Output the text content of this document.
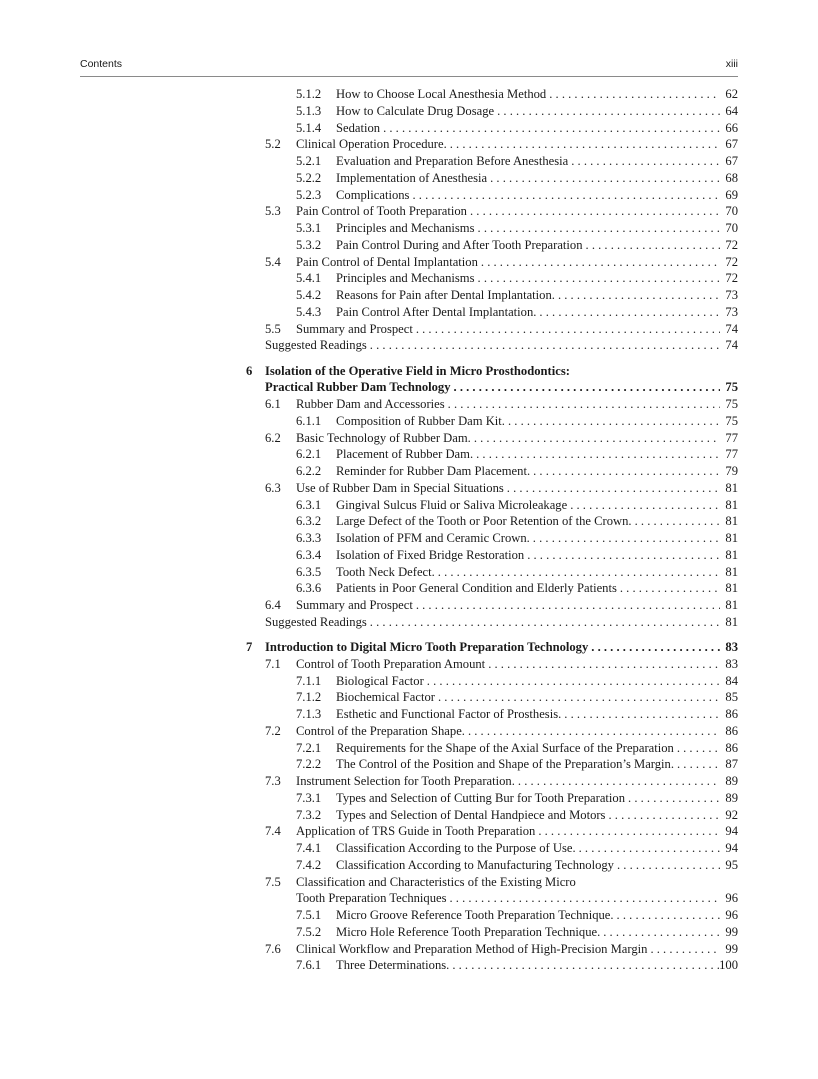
Contents	xiii
5.1.2 How to Choose Local Anesthesia Method . . .	62
5.1.3 How to Calculate Drug Dosage . . .	64
5.1.4 Sedation . . .	66
5.2 Clinical Operation Procedure. . . .	67
5.2.1 Evaluation and Preparation Before Anesthesia . . .	67
5.2.2 Implementation of Anesthesia . . .	68
5.2.3 Complications . . .	69
5.3 Pain Control of Tooth Preparation . . .	70
5.3.1 Principles and Mechanisms . . .	70
5.3.2 Pain Control During and After Tooth Preparation . . .	72
5.4 Pain Control of Dental Implantation . . .	72
5.4.1 Principles and Mechanisms . . .	72
5.4.2 Reasons for Pain after Dental Implantation. . . .	73
5.4.3 Pain Control After Dental Implantation. . . .	73
5.5 Summary and Prospect . . .	74
Suggested Readings . . .	74
6 Isolation of the Operative Field in Micro Prosthodontics:
Practical Rubber Dam Technology . . .	75
6.1 Rubber Dam and Accessories . . .	75
6.1.1 Composition of Rubber Dam Kit. . . .	75
6.2 Basic Technology of Rubber Dam. . . .	77
6.2.1 Placement of Rubber Dam. . . .	77
6.2.2 Reminder for Rubber Dam Placement. . . .	79
6.3 Use of Rubber Dam in Special Situations . . .	81
6.3.1 Gingival Sulcus Fluid or Saliva Microleakage . . .	81
6.3.2 Large Defect of the Tooth or Poor Retention of the Crown. . . .	81
6.3.3 Isolation of PFM and Ceramic Crown. . . .	81
6.3.4 Isolation of Fixed Bridge Restoration . . .	81
6.3.5 Tooth Neck Defect. . . .	81
6.3.6 Patients in Poor General Condition and Elderly Patients . . .	81
6.4 Summary and Prospect . . .	81
Suggested Readings . . .	81
7 Introduction to Digital Micro Tooth Preparation Technology . . .	83
7.1 Control of Tooth Preparation Amount . . .	83
7.1.1 Biological Factor . . .	84
7.1.2 Biochemical Factor . . .	85
7.1.3 Esthetic and Functional Factor of Prosthesis. . . .	86
7.2 Control of the Preparation Shape. . . .	86
7.2.1 Requirements for the Shape of the Axial Surface of the Preparation . . .	86
7.2.2 The Control of the Position and Shape of the Preparation’s Margin. . . .	87
7.3 Instrument Selection for Tooth Preparation. . . .	89
7.3.1 Types and Selection of Cutting Bur for Tooth Preparation . . .	89
7.3.2 Types and Selection of Dental Handpiece and Motors . . .	92
7.4 Application of TRS Guide in Tooth Preparation . . .	94
7.4.1 Classification According to the Purpose of Use. . . .	94
7.4.2 Classification According to Manufacturing Technology . . .	95
7.5 Classification and Characteristics of the Existing Micro
Tooth Preparation Techniques . . .	96
7.5.1 Micro Groove Reference Tooth Preparation Technique. . . .	96
7.5.2 Micro Hole Reference Tooth Preparation Technique. . . .	99
7.6 Clinical Workflow and Preparation Method of High-Precision Margin . . .	99
7.6.1 Three Determinations. . . .	100
